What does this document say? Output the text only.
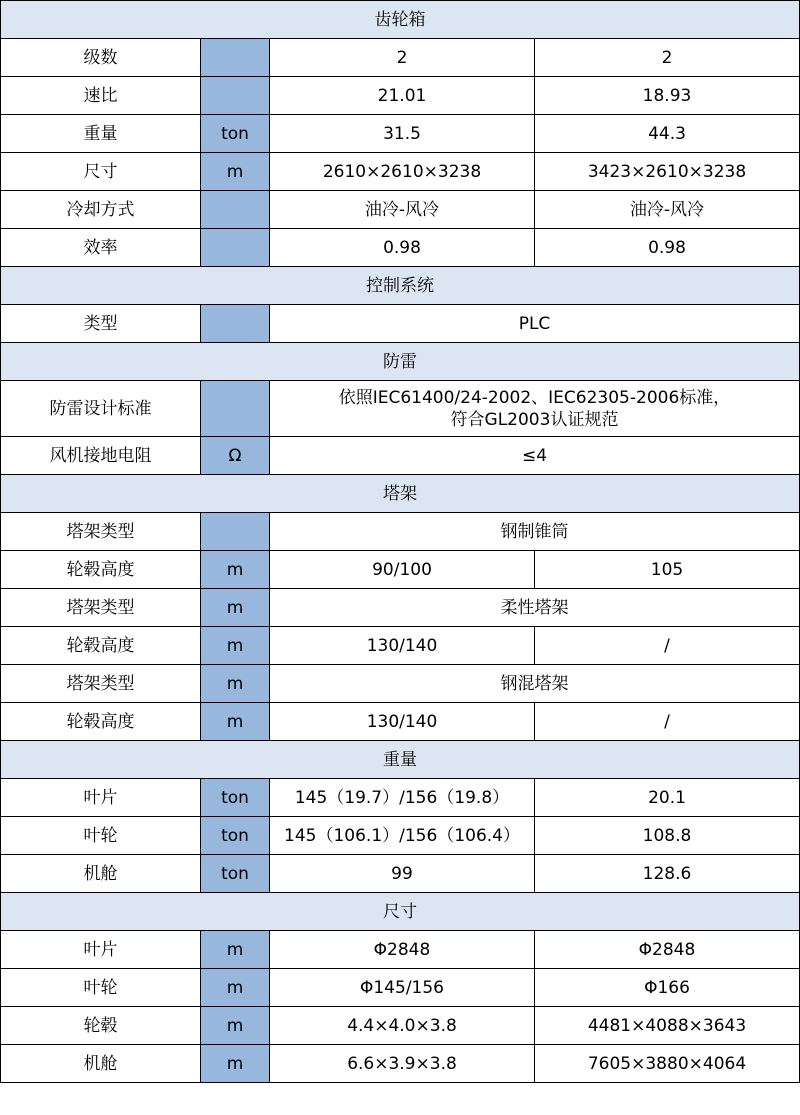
齿轮箱			
级数		2	2
速比		21.01	18.93
重量	ton	31.5	44.3
尺寸	m	2610×2610×3238	3423×2610×3238
冷却方式		油冷-风冷	油冷-风冷
效率		0.98	0.98
控制系统			
类型		PLC	
防雷			
防雷设计标准		依照IEC61400/24-2002、IEC62305-2006标准，
符合GL2003认证规范	

风机接地电阻	Ω	≤4	
塔架			
塔架类型		钢制锥筒	
轮毂高度	m	90/100	105
塔架类型	m	柔性塔架	
轮毂高度	m	130/140	/
塔架类型	m	钢混塔架	
轮毂高度	m	130/140	/
重量			
叶片	ton	145（19.7）/156（19.8）	20.1
叶轮	ton	145（106.1）/156（106.4）	108.8
机舱	ton	99	128.6
尺寸			
叶片	m	Φ2848	Φ2848
叶轮	m	Φ145/156	Φ166
轮毂	m	4.4×4.0×3.8	4481×4088×3643
机舱	m	6.6×3.9×3.8	7605×3880×4064
